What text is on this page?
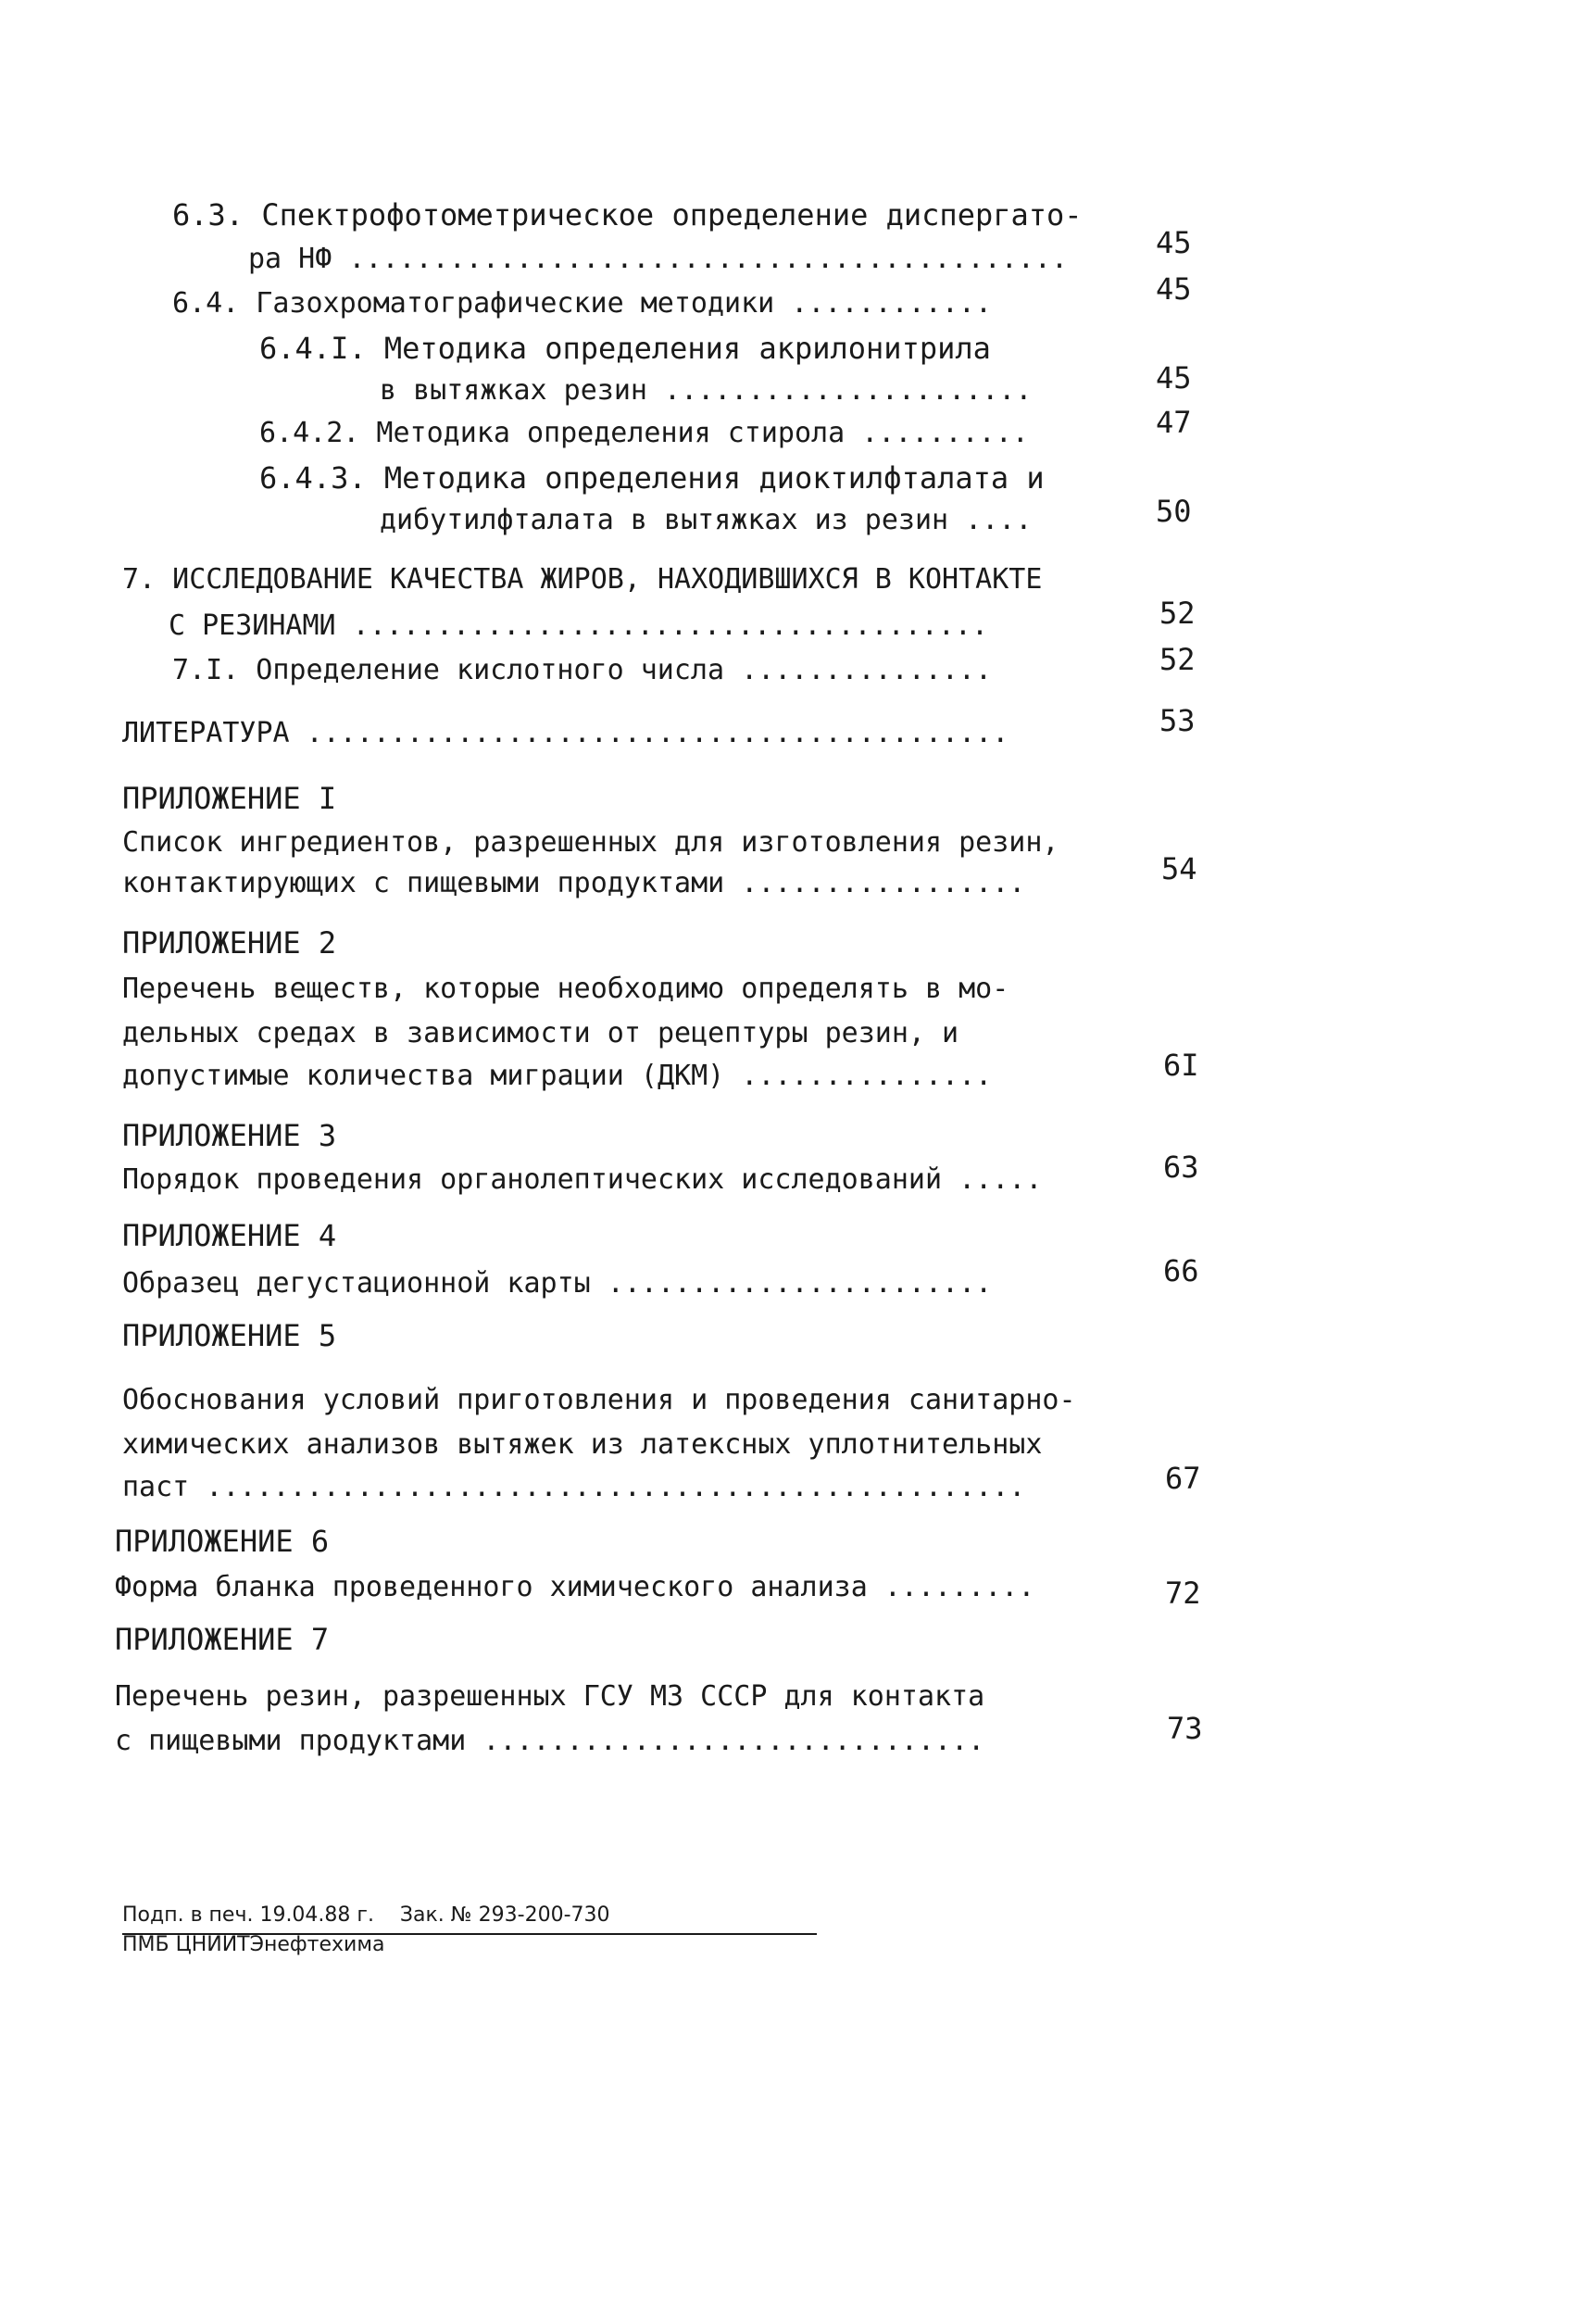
6.3. Спектрофотометрическое определение диспергато-
ра НФ ...........................................	45
6.4. Газохроматографические методики ............	45
6.4.I. Методика определения акрилонитрила
в вытяжках резин ......................	45
6.4.2. Методика определения стирола ..........	47
6.4.3. Методика определения диоктилфталата и
дибутилфталата в вытяжках из резин ....	50
7. ИССЛЕДОВАНИЕ КАЧЕСТВА ЖИРОВ, НАХОДИВШИХСЯ В КОНТАКТЕ
С РЕЗИНАМИ ......................................	52
7.I. Определение кислотного числа ...............	52
ЛИТЕРАТУРА ..........................................	53
ПРИЛОЖЕНИЕ I
Список ингредиентов, разрешенных для изготовления резин,
контактирующих с пищевыми продуктами .................	54
ПРИЛОЖЕНИЕ 2
Перечень веществ, которые необходимо определять в мо-
дельных средах в зависимости от рецептуры резин, и
допустимые количества миграции (ДКМ) ...............	6I
ПРИЛОЖЕНИЕ 3
Порядок проведения органолептических исследований .....	63
ПРИЛОЖЕНИЕ 4
Образец дегустационной карты .......................	66
ПРИЛОЖЕНИЕ 5
Обоснования условий приготовления и проведения санитарно-
химических анализов вытяжек из латексных уплотнительных
паст .................................................	67
ПРИЛОЖЕНИЕ 6
Форма бланка проведенного химического анализа .........	72
ПРИЛОЖЕНИЕ 7
Перечень резин, разрешенных ГСУ МЗ СССР для контакта
с пищевыми продуктами ..............................	73
Подп. в печ. 19.04.88 г.    Зак. № 293-200-730
ПМБ ЦНИИТЭнефтехима
